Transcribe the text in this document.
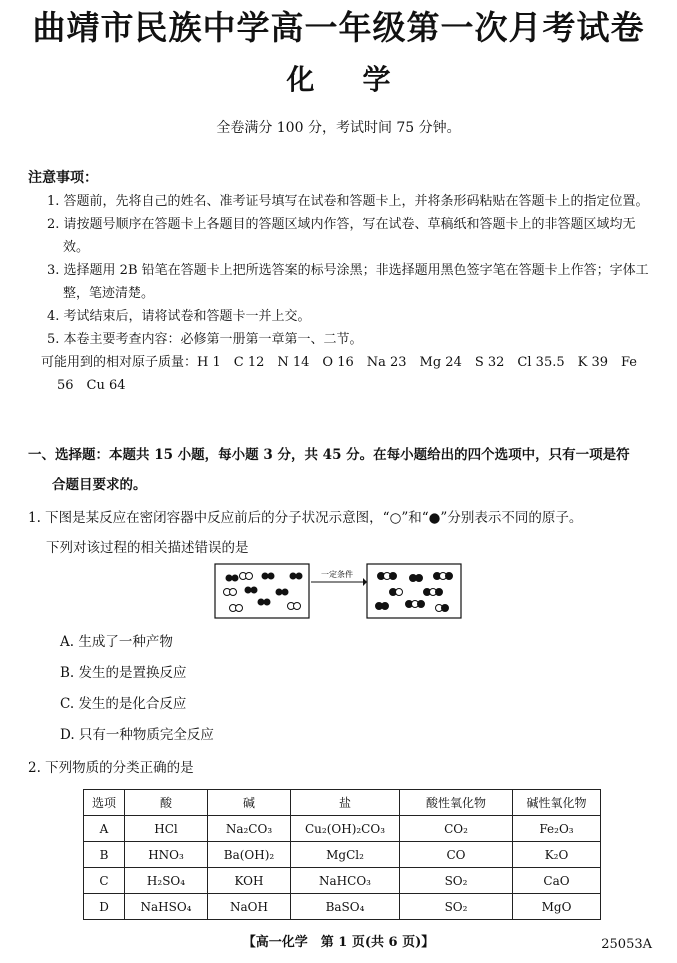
曲靖市民族中学高一年级第一次月考试卷
化学
全卷满分 100 分，考试时间 75 分钟。
注意事项：

1. 答题前，先将自己的姓名、准考证号填写在试卷和答题卡上，并将条形码粘贴在答题卡上的指定位置。

2. 请按题号顺序在答题卡上各题目的答题区域内作答，写在试卷、草稿纸和答题卡上的非答题区域均无效。

3. 选择题用 2B 铅笔在答题卡上把所选答案的标号涂黑；非选择题用黑色签字笔在答题卡上作答；字体工整，笔迹清楚。

4. 考试结束后，请将试卷和答题卡一并上交。

5. 本卷主要考查内容：必修第一册第一章第一、二节。

可能用到的相对原子质量：H 1　C 12　N 14　O 16　Na 23　Mg 24　S 32　Cl 35.5　K 39　Fe 56　Cu 64

一、选择题：本题共 15 小题，每小题 3 分，共 45 分。在每小题给出的四个选项中，只有一项是符
合题目要求的。
1. 下图是某反应在密闭容器中反应前后的分子状况示意图，“○”和“●”分别表示不同的原子。
下列对该过程的相关描述错误的是
一定条件
A. 生成了一种产物
B. 发生的是置换反应
C. 发生的是化合反应
D. 只有一种物质完全反应
2. 下列物质的分类正确的是
选项	酸	碱	盐	酸性氧化物	碱性氧化物
A	HCl	Na₂CO₃	Cu₂(OH)₂CO₃	CO₂	Fe₂O₃
B	HNO₃	Ba(OH)₂	MgCl₂	CO	K₂O
C	H₂SO₄	KOH	NaHCO₃	SO₂	CaO
D	NaHSO₄	NaOH	BaSO₄	SO₂	MgO
【高一化学　第 1 页(共 6 页)】	25053A
